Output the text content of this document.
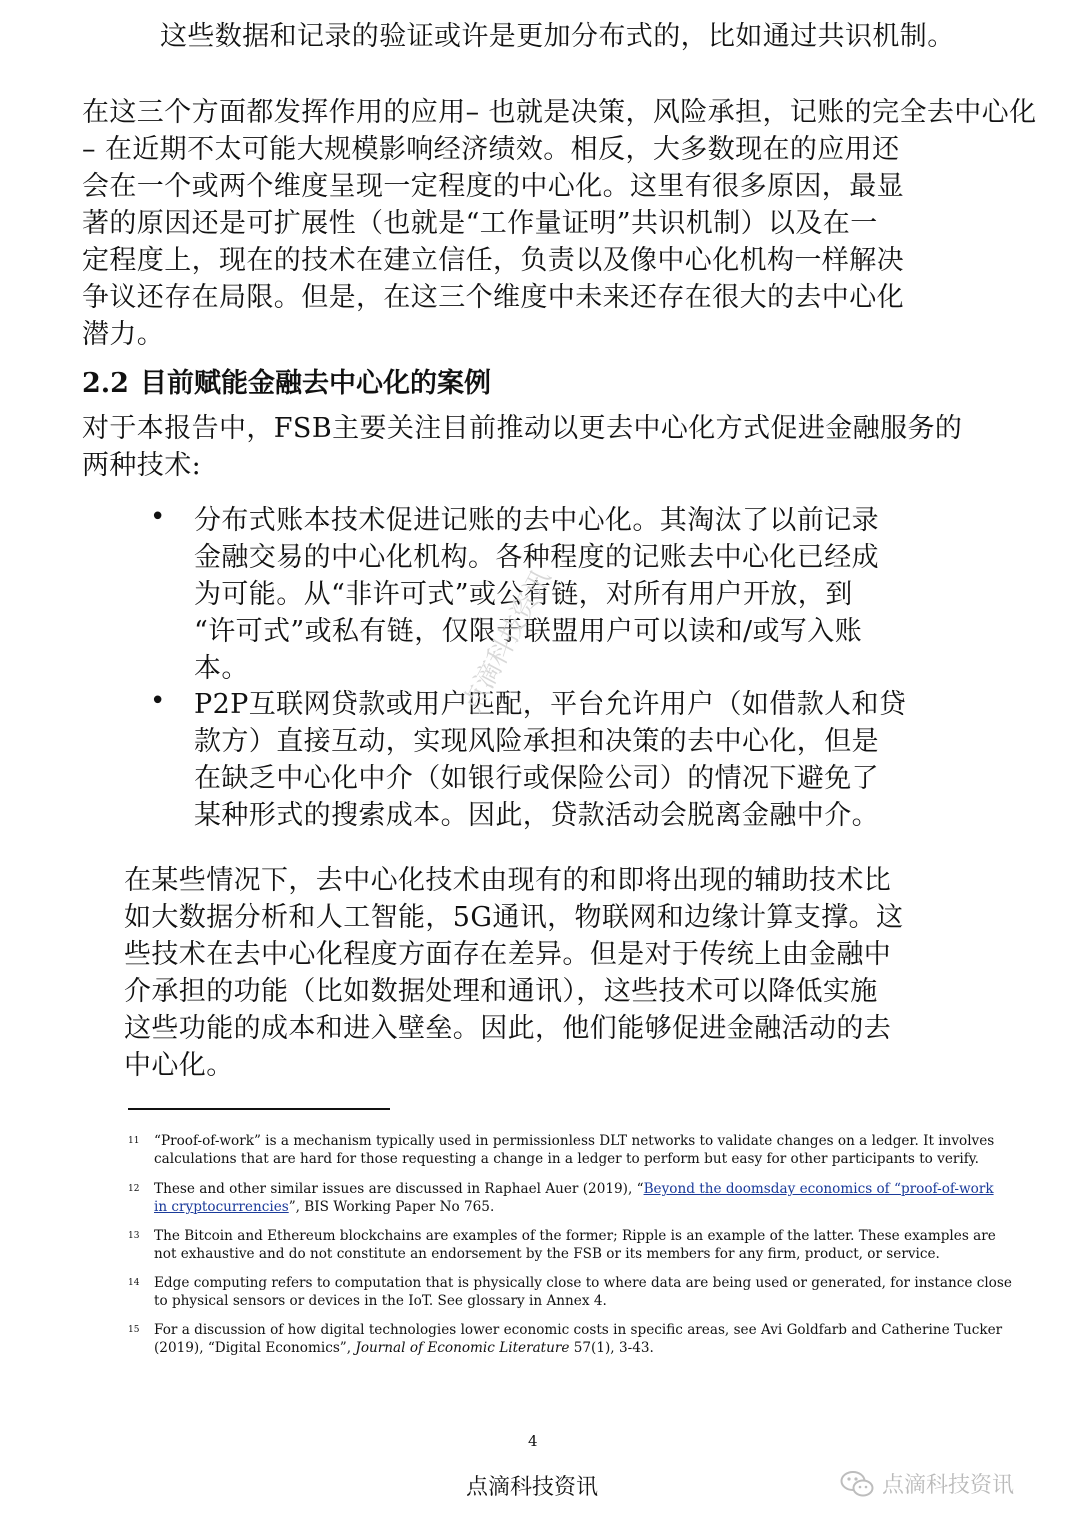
这些数据和记录的验证或许是更加分布式的，比如通过共识机制。

在这三个方面都发挥作用的应用– 也就是决策，风险承担，记账的完全去中心化
– 在近期不太可能大规模影响经济绩效。相反，大多数现在的应用还
会在一个或两个维度呈现一定程度的中心化。这里有很多原因，最显
著的原因还是可扩展性（也就是“工作量证明”共识机制）以及在一
定程度上，现在的技术在建立信任，负责以及像中心化机构一样解决
争议还存在局限。但是，在这三个维度中未来还存在很大的去中心化
潜力。

2.2 目前赋能金融去中心化的案例

对于本报告中，FSB主要关注目前推动以更去中心化方式促进金融服务的
两种技术:

• 分布式账本技术促进记账的去中心化。其淘汰了以前记录
金融交易的中心化机构。各种程度的记账去中心化已经成
为可能。从“非许可式”或公有链，对所有用户开放，到
“许可式”或私有链，仅限于联盟用户可以读和/或写入账
本。
• P2P互联网贷款或用户匹配，平台允许用户（如借款人和贷
款方）直接互动，实现风险承担和决策的去中心化，但是
在缺乏中心化中介（如银行或保险公司）的情况下避免了
某种形式的搜索成本。因此，贷款活动会脱离金融中介。

在某些情况下，去中心化技术由现有的和即将出现的辅助技术比
如大数据分析和人工智能，5G通讯，物联网和边缘计算支撑。这
些技术在去中心化程度方面存在差异。但是对于传统上由金融中
介承担的功能（比如数据处理和通讯），这些技术可以降低实施
这些功能的成本和进入壁垒。因此，他们能够促进金融活动的去
中心化。

11 “Proof-of-work” is a mechanism typically used in permissionless DLT networks to validate changes on a ledger. It involves
calculations that are hard for those requesting a change in a ledger to perform but easy for other participants to verify.
12 These and other similar issues are discussed in Raphael Auer (2019), “Beyond the doomsday economics of “proof-of-work
in cryptocurrencies”, BIS Working Paper No 765.
13 The Bitcoin and Ethereum blockchains are examples of the former; Ripple is an example of the latter. These examples are
not exhaustive and do not constitute an endorsement by the FSB or its members for any firm, product, or service.
14 Edge computing refers to computation that is physically close to where data are being used or generated, for instance close
to physical sensors or devices in the IoT. See glossary in Annex 4.
15 For a discussion of how digital technologies lower economic costs in specific areas, see Avi Goldfarb and Catherine Tucker
(2019), “Digital Economics”, Journal of Economic Literature 57(1), 3-43.
4
点滴科技资讯	点滴科技资讯
点滴科技资讯
